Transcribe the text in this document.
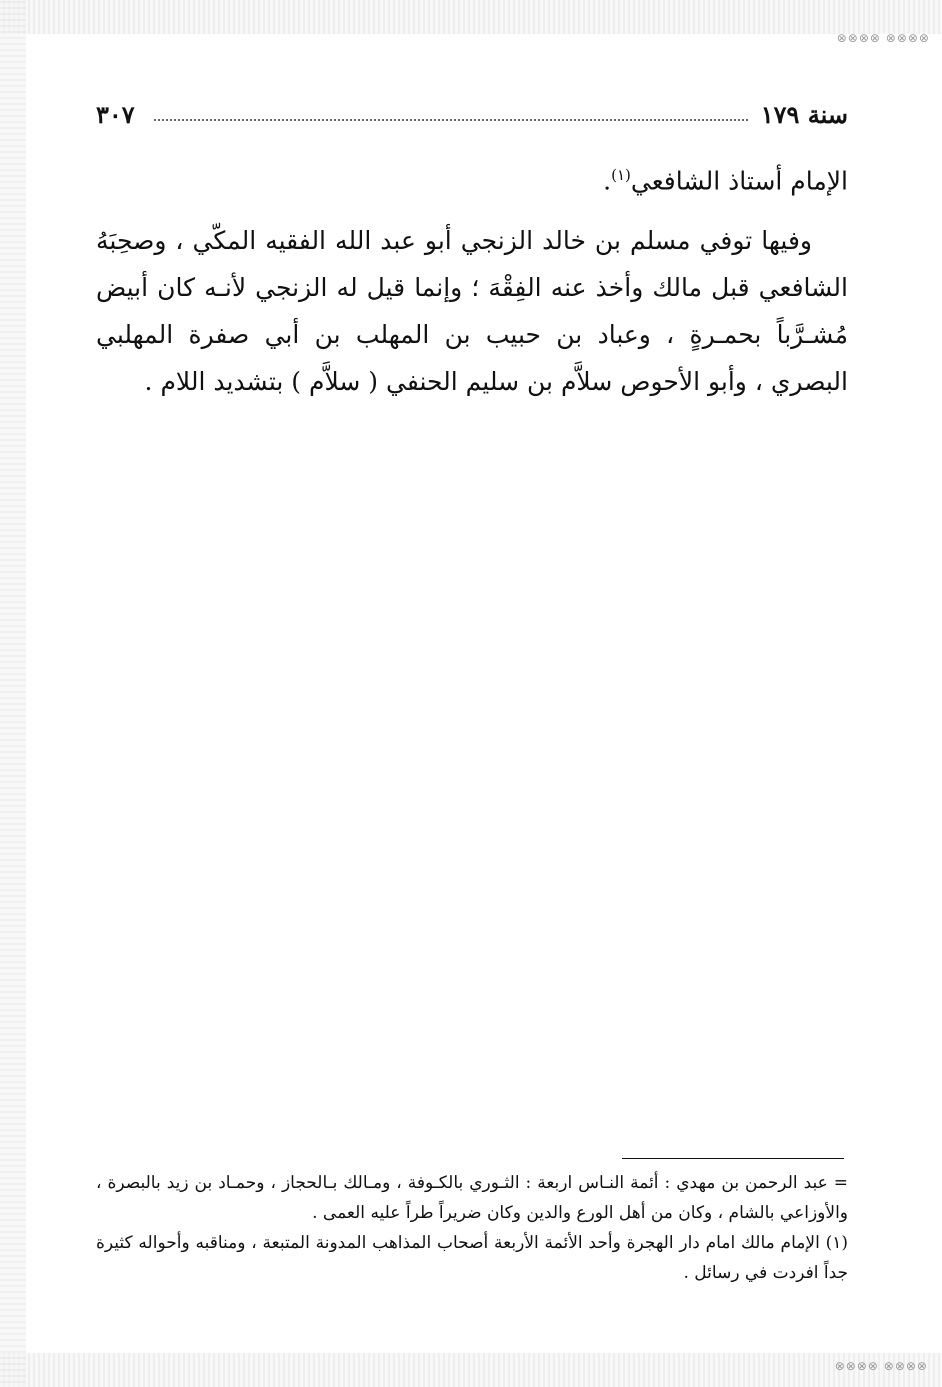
⊗⊗⊗⊗ ⊗⊗⊗⊗
⊗⊗⊗⊗ ⊗⊗⊗⊗
سنة ١٧٩
٣٠٧

الإمام أستاذ الشافعي$^{(١)}$.

وفيها توفي مسلم بن خالد الزنجي أبو عبد الله الفقيه المكّي ، وصحِبَهُ الشافعي قبل مالك وأخذ عنه الفِقْهَ ؛ وإنما قيل له الزنجي لأنـه كان أبيض مُشـرَّباً بحمـرةٍ ، وعباد بن حبيب بن المهلب بن أبي صفرة المهلبي البصري ، وأبو الأحوص سلاَّم بن سليم الحنفي ( سلاَّم ) بتشديد اللام .

= عبد الرحمن بن مهدي : أئمة النـاس اربعة : الثـوري بالكـوفة ، ومـالك بـالحجاز ، وحمـاد بن زيد بالبصرة ، والأوزاعي بالشام ، وكان من أهل الورع والدين وكان ضريراً طراً عليه العمى .

(١) الإمام مالك امام دار الهجرة وأحد الأئمة الأربعة أصحاب المذاهب المدونة المتبعة ، ومناقبه وأحواله كثيرة جداً افردت في رسائل .
